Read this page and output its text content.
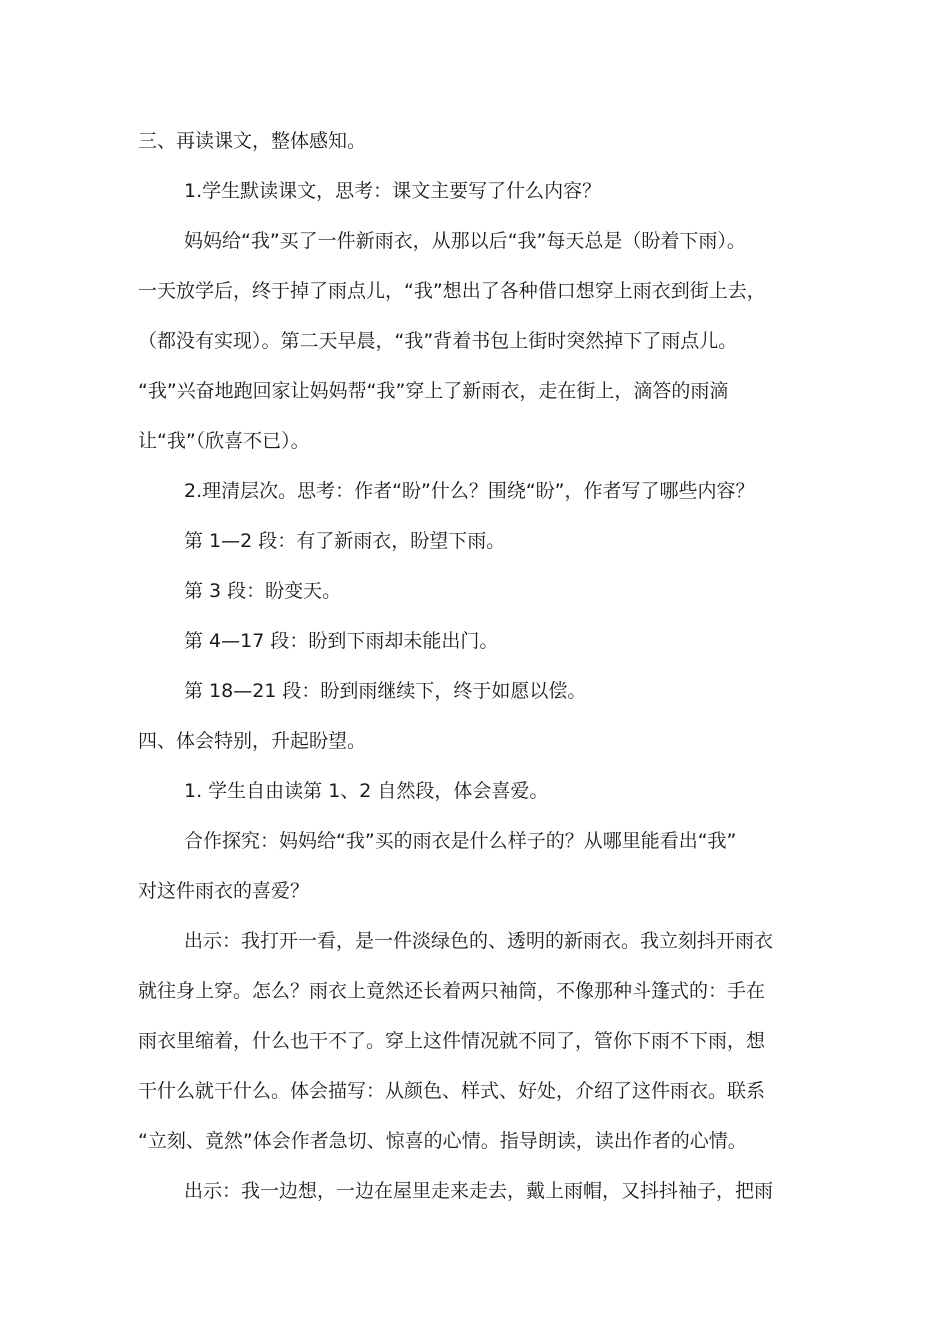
三、再读课文，整体感知。
1.学生默读课文，思考：课文主要写了什么内容？
妈妈给“我”买了一件新雨衣，从那以后“我”每天总是（盼着下雨）。
一天放学后，终于掉了雨点儿，“我”想出了各种借口想穿上雨衣到街上去，
（都没有实现）。第二天早晨，“我”背着书包上街时突然掉下了雨点儿。
“我”兴奋地跑回家让妈妈帮“我”穿上了新雨衣，走在街上，滴答的雨滴
让“我”（欣喜不已）。
2.理清层次。思考：作者“盼”什么？围绕“盼”，作者写了哪些内容？
第 1—2 段：有了新雨衣，盼望下雨。
第 3 段：盼变天。
第 4—17 段：盼到下雨却未能出门。
第 18—21 段：盼到雨继续下，终于如愿以偿。
四、体会特别，升起盼望。
1. 学生自由读第 1、2 自然段，体会喜爱。
合作探究：妈妈给“我”买的雨衣是什么样子的？从哪里能看出“我”
对这件雨衣的喜爱？
出示：我打开一看，是一件淡绿色的、透明的新雨衣。我立刻抖开雨衣
就往身上穿。怎么？雨衣上竟然还长着两只袖筒，不像那种斗篷式的：手在
雨衣里缩着，什么也干不了。穿上这件情况就不同了，管你下雨不下雨，想
干什么就干什么。体会描写：从颜色、样式、好处，介绍了这件雨衣。联系
“立刻、竟然”体会作者急切、惊喜的心情。指导朗读，读出作者的心情。
出示：我一边想，一边在屋里走来走去，戴上雨帽，又抖抖袖子，把雨
